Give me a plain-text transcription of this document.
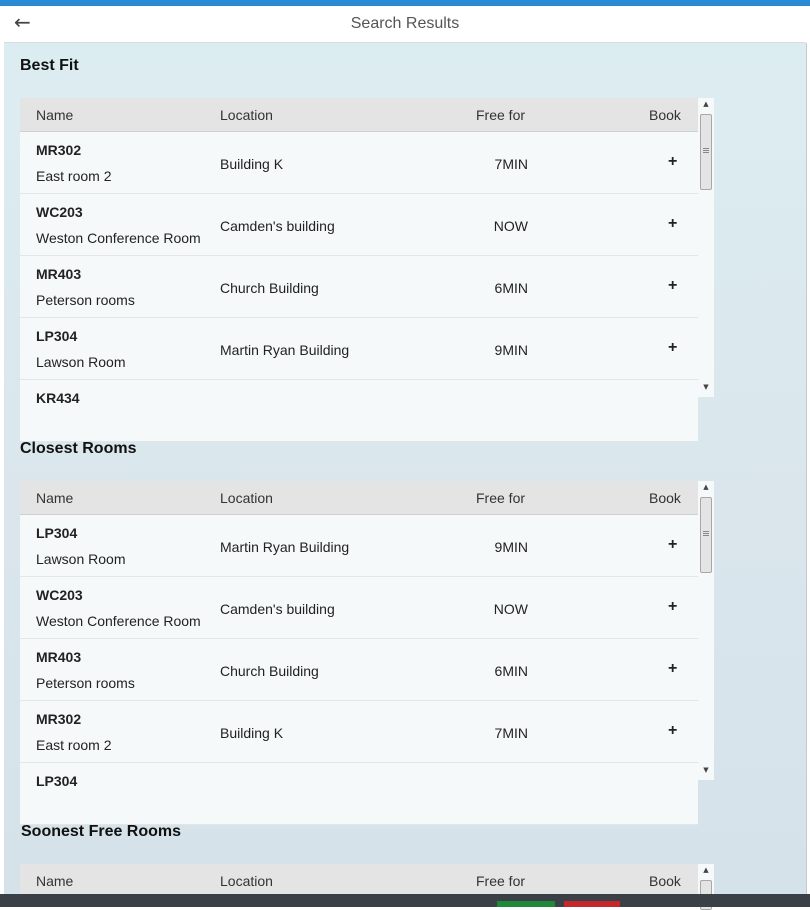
←	Search Results
Best Fit
Name	Location	Free for	Book
MR302
East room 2
Building K	7MIN	+
WC203
Weston Conference Room
Camden's building	NOW	+
MR403
Peterson rooms
Church Building	6MIN	+
LP304
Lawson Room
Martin Ryan Building	9MIN	+
KR434
▲
▼
Closest Rooms
Name	Location	Free for	Book
LP304
Lawson Room
Martin Ryan Building	9MIN	+
WC203
Weston Conference Room
Camden's building	NOW	+
MR403
Peterson rooms
Church Building	6MIN	+
MR302
East room 2
Building K	7MIN	+
LP304
▲
▼
Soonest Free Rooms
Name	Location	Free for	Book
▲
